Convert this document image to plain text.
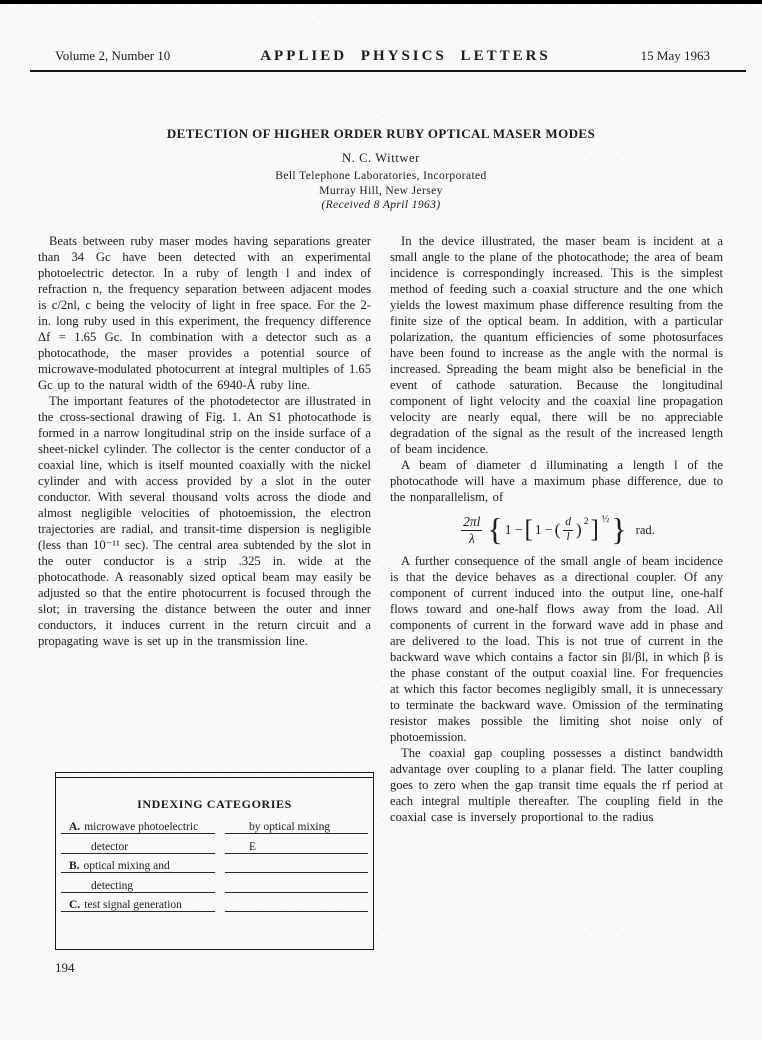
Volume 2, Number 10	APPLIED PHYSICS LETTERS	15 May 1963

DETECTION OF HIGHER ORDER RUBY OPTICAL MASER MODES

N. C. Wittwer

Bell Telephone Laboratories, Incorporated

Murray Hill, New Jersey

(Received 8 April 1963)

Beats between ruby maser modes having separations greater than 34 Gc have been detected with an experimental photoelectric detector. In a ruby of length l and index of refraction n, the frequency separation between adjacent modes is c/2nl, c being the velocity of light in free space. For the 2-in. long ruby used in this experiment, the frequency difference Δf = 1.65 Gc. In combination with a detector such as a photocathode, the maser provides a potential source of microwave-modulated photocurrent at integral multiples of 1.65 Gc up to the natural width of the 6940-Å ruby line.

The important features of the photodetector are illustrated in the cross-sectional drawing of Fig. 1. An S1 photocathode is formed in a narrow longitudinal strip on the inside surface of a sheet-nickel cylinder. The collector is the center conductor of a coaxial line, which is itself mounted coaxially with the nickel cylinder and with access provided by a slot in the outer conductor. With several thousand volts across the diode and almost negligible velocities of photoemission, the electron trajectories are radial, and transit-time dispersion is negligible (less than 10⁻¹¹ sec). The central area subtended by the slot in the outer conductor is a strip .325 in. wide at the photocathode. A reasonably sized optical beam may easily be adjusted so that the entire photocurrent is focused through the slot; in traversing the distance between the outer and inner conductors, it induces current in the return circuit and a propagating wave is set up in the transmission line.

In the device illustrated, the maser beam is incident at a small angle to the plane of the photocathode; the area of beam incidence is correspondingly increased. This is the simplest method of feeding such a coaxial structure and the one which yields the lowest maximum phase difference resulting from the finite size of the optical beam. In addition, with a particular polarization, the quantum efficiencies of some photosurfaces have been found to increase as the angle with the normal is increased. Spreading the beam might also be beneficial in the event of cathode saturation. Because the longitudinal component of light velocity and the coaxial line propagation velocity are nearly equal, there will be no appreciable degradation of the signal as the result of the increased length of beam incidence.

A beam of diameter d illuminating a length l of the photocathode will have a maximum phase difference, due to the nonparallelism, of

$\frac{2\pi l}{\lambda}$ { 1 − [ 1 − ( $\frac{d}{l}$ ) 2 ] ½ } rad.

A further consequence of the small angle of beam incidence is that the device behaves as a directional coupler. Of any component of current induced into the output line, one-half flows toward and one-half flows away from the load. All components of current in the forward wave add in phase and are delivered to the load. This is not true of current in the backward wave which contains a factor sin βl/βl, in which β is the phase constant of the output coaxial line. For frequencies at which this factor becomes negligibly small, it is unnecessary to terminate the backward wave. Omission of the terminating resistor makes possible the limiting shot noise only of photoemission.

The coaxial gap coupling possesses a distinct bandwidth advantage over coupling to a planar field. The latter coupling goes to zero when the gap transit time equals the rf period at each integral multiple thereafter. The coupling field in the coaxial case is inversely proportional to the radius

INDEXING CATEGORIES

A. microwave photoelectric	by optical mixing
detector	E
B. optical mixing and
detecting
C. test signal generation
194
